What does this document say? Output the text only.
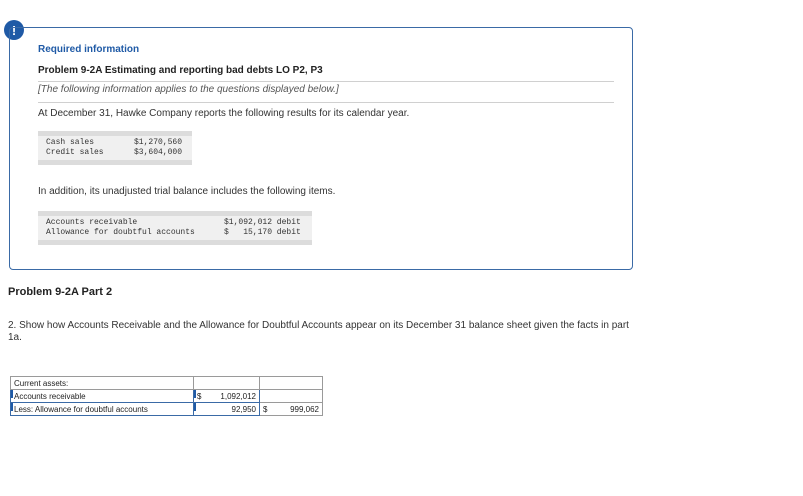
!
Required information
Problem 9-2A Estimating and reporting bad debts LO P2, P3
[The following information applies to the questions displayed below.]
At December 31, Hawke Company reports the following results for its calendar year.
Cash sales	$1,270,560
Credit sales	$3,604,000
In addition, its unadjusted trial balance includes the following items.
Accounts receivable	$1,092,012 debit
Allowance for doubtful accounts	$   15,170 debit
Problem 9-2A Part 2
2. Show how Accounts Receivable and the Allowance for Doubtful Accounts appear on its December 31 balance sheet given the facts in part 1a.
Current assets:		
Accounts receivable	$ 1,092,012	

Less: Allowance for doubtful accounts	92,950	$ 999,062
